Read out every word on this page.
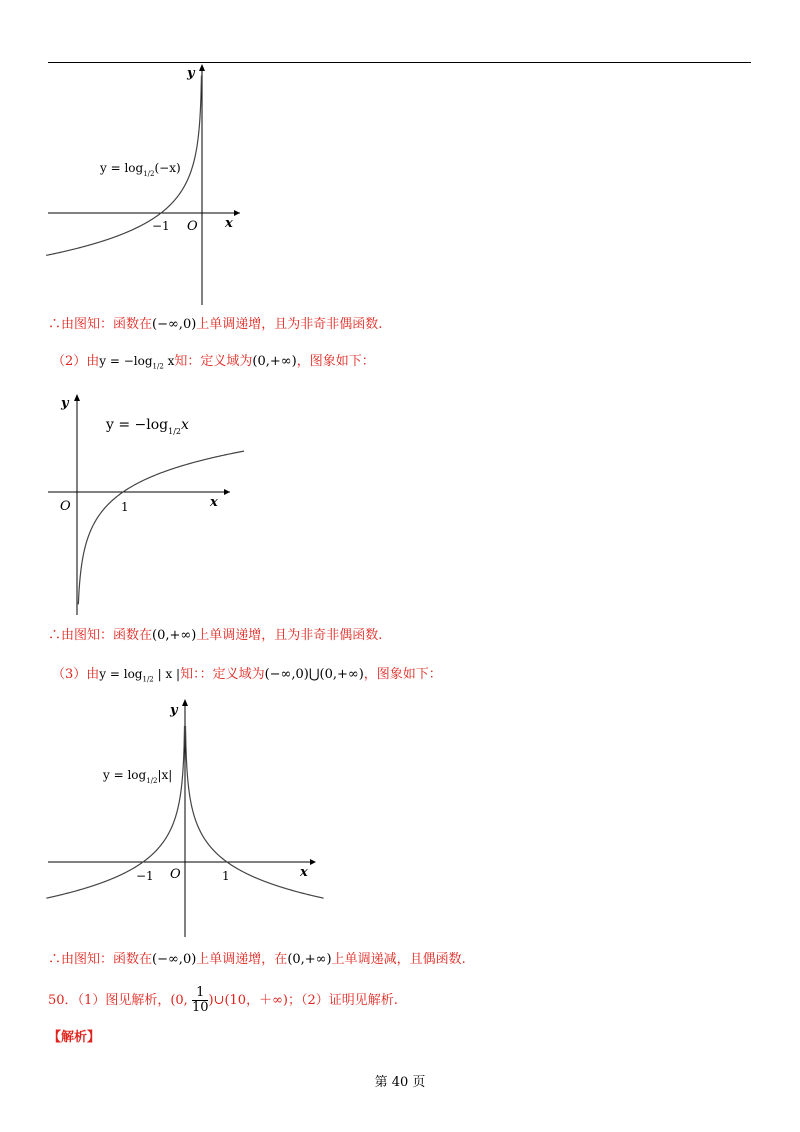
y
x
O
−1
$y = \log_{1/2}(-x)$
∴由图知：函数在(−∞,0)上单调递增，且为非奇非偶函数.
（2）由$y = -\log_{1/2}$ x知：定义域为(0,+∞)，图象如下：
y
x
O	1
$y = -\log_{1/2}x$
∴由图知：函数在(0,+∞)上单调递增，且为非奇非偶函数.
（3）由$y = \log_{1/2}$ | x |知：：定义域为(−∞,0)⋃(0,+∞)，图象如下：
y
x
O
−1	1
$y = \log_{1/2}|x|$
∴由图知：函数在(−∞,0)上单调递增，在(0,+∞)上单调递减，且偶函数.
50．（1）图见解析，(0, $\frac{1}{10}$ )∪(10，＋∞)；（2）证明见解析.
【解析】
第 40 页
